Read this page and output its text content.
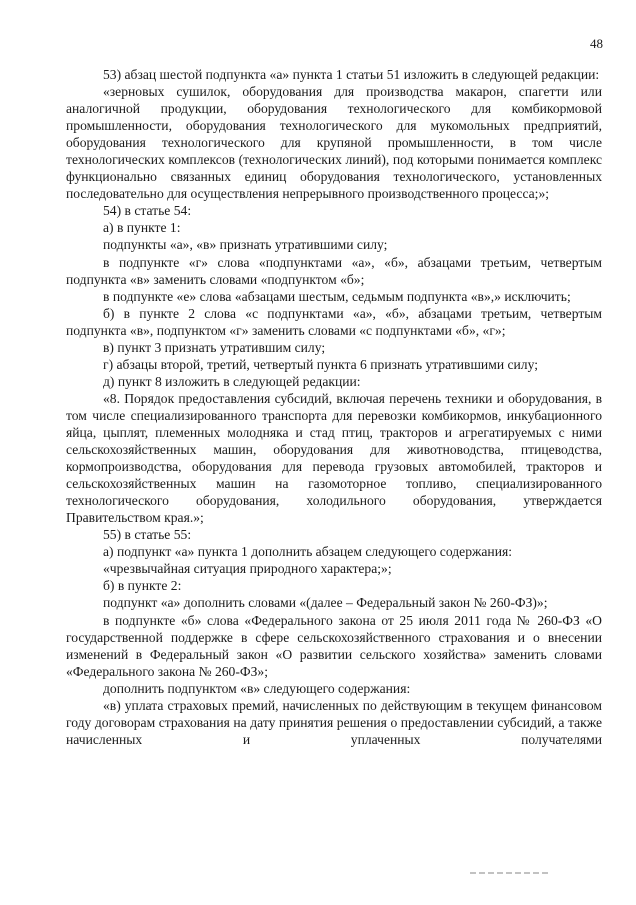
48

53) абзац шестой подпункта «а» пункта 1 статьи 51 изложить в следующей редакции:

«зерновых сушилок, оборудования для производства макарон, спагетти или аналогичной продукции, оборудования технологического для комбикормовой промышленности, оборудования технологического для мукомольных предприятий, оборудования технологического для крупяной промышленности, в том числе технологических комплексов (технологических линий), под которыми понимается комплекс функционально связанных единиц оборудования технологического, установленных последовательно для осуществления непрерывного производственного процесса;»;

54) в статье 54:

а) в пункте 1:

подпункты «а», «в» признать утратившими силу;

в подпункте «г» слова «подпунктами «а», «б», абзацами третьим, четвертым подпункта «в» заменить словами «подпунктом «б»;

в подпункте «е» слова «абзацами шестым, седьмым подпункта «в»,» исключить;

б) в пункте 2 слова «с подпунктами «а», «б», абзацами третьим, четвертым подпункта «в», подпунктом «г» заменить словами «с подпунктами «б», «г»;

в) пункт 3 признать утратившим силу;

г) абзацы второй, третий, четвертый пункта 6 признать утратившими силу;

д) пункт 8 изложить в следующей редакции:

«8. Порядок предоставления субсидий, включая перечень техники и оборудования, в том числе специализированного транспорта для перевозки комбикормов, инкубационного яйца, цыплят, племенных молодняка и стад птиц, тракторов и агрегатируемых с ними сельскохозяйственных машин, оборудования для животноводства, птицеводства, кормопроизводства, оборудования для перевода грузовых автомобилей, тракторов и сельскохозяйственных машин на газомоторное топливо, специализированного технологического оборудования, холодильного оборудования, утверждается Правительством края.»;

55) в статье 55:

а) подпункт «а» пункта 1 дополнить абзацем следующего содержания:

«чрезвычайная ситуация природного характера;»;

б) в пункте 2:

подпункт «а» дополнить словами «(далее – Федеральный закон № 260-ФЗ)»;

в подпункте «б» слова «Федерального закона от 25 июля 2011 года № 260-ФЗ «О государственной поддержке в сфере сельскохозяйственного страхования и о внесении изменений в Федеральный закон «О развитии сельского хозяйства» заменить словами «Федерального закона № 260-ФЗ»;

дополнить подпунктом «в» следующего содержания:

«в) уплата страховых премий, начисленных по действующим в текущем финансовом году договорам страхования на дату принятия решения о предоставлении субсидий, а также начисленных и уплаченных получателями
